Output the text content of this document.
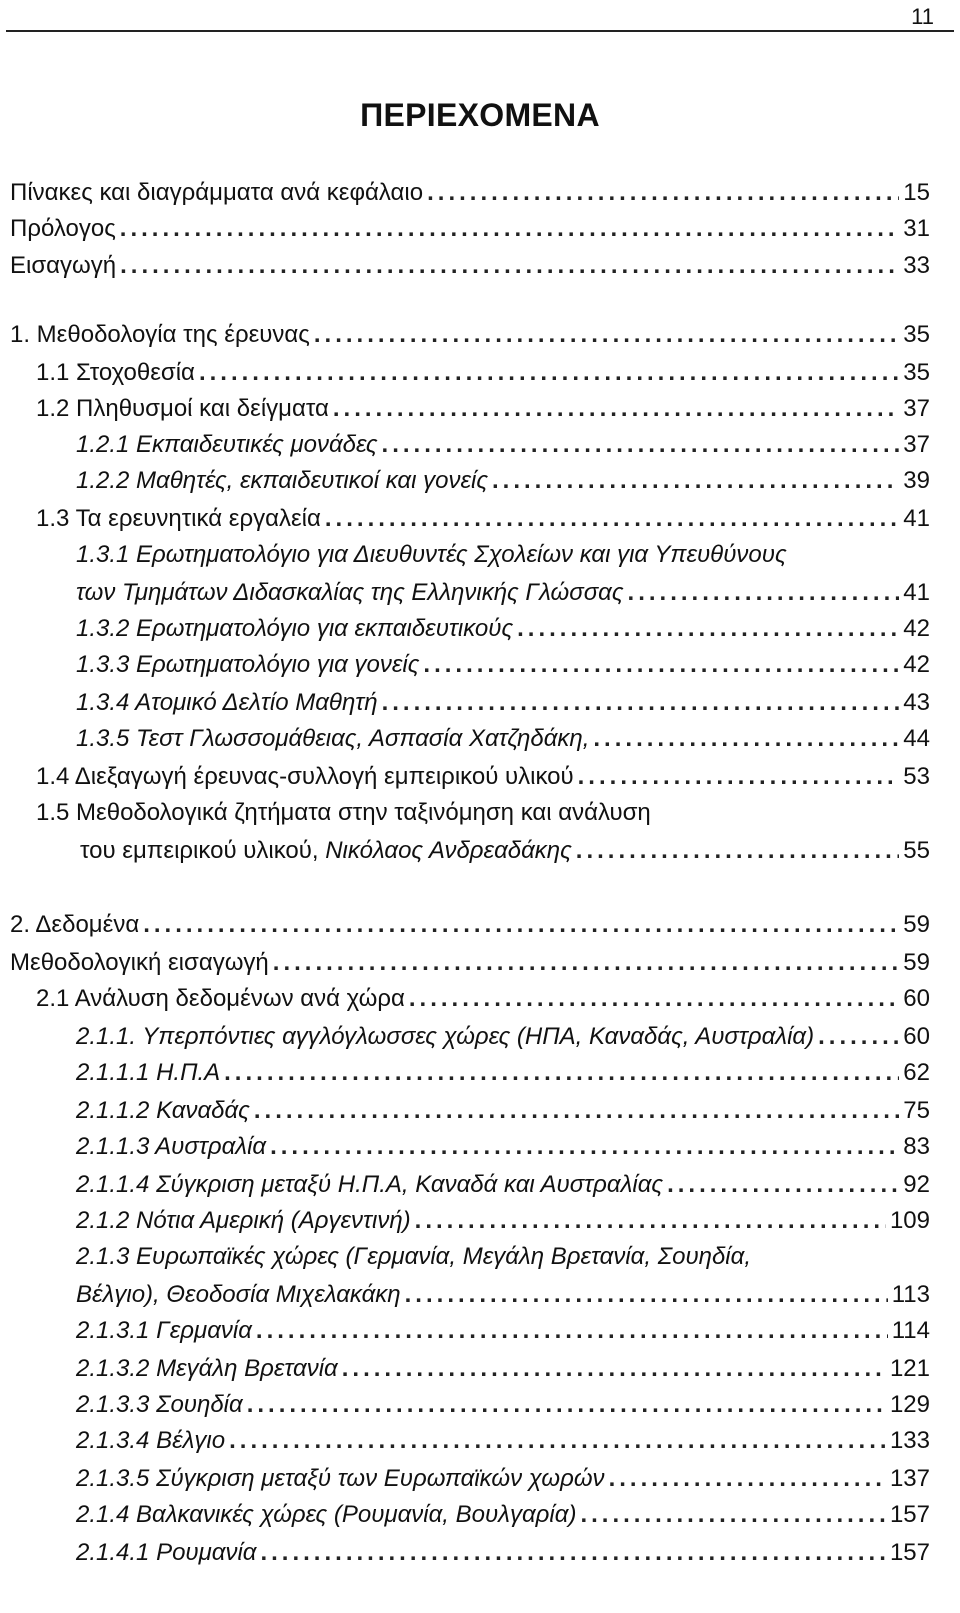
11
ΠΕΡΙΕΧΟΜΕΝΑ
Πίνακες και διαγράμματα ανά κεφάλαιο .....	15
Πρόλογος .....	31
Εισαγωγή .....	33
1. Μεθοδολογία της έρευνας .....	35
1.1 Στοχοθεσία .....	35
1.2 Πληθυσμοί και δείγματα .....	37
1.2.1 Εκπαιδευτικές μονάδες .....	37
1.2.2 Μαθητές, εκπαιδευτικοί και γονείς .....	39
1.3 Τα ερευνητικά εργαλεία .....	41
1.3.1 Ερωτηματολόγιο για Διευθυντές Σχολείων και για Υπευθύνους
των Τμημάτων Διδασκαλίας της Ελληνικής Γλώσσας .....	41
1.3.2 Ερωτηματολόγιο για εκπαιδευτικούς .....	42
1.3.3 Ερωτηματολόγιο για γονείς .....	42
1.3.4 Ατομικό Δελτίο Μαθητή .....	43
1.3.5 Τεστ Γλωσσομάθειας, Ασπασία Χατζηδάκη, .....	44
1.4 Διεξαγωγή έρευνας-συλλογή εμπειρικού υλικού .....	53
1.5 Μεθοδολογικά ζητήματα στην ταξινόμηση και ανάλυση
του εμπειρικού υλικού, Νικόλαος Ανδρεαδάκης .....	55
2. Δεδομένα .....	59
Μεθοδολογική εισαγωγή .....	59
2.1 Ανάλυση δεδομένων ανά χώρα .....	60
2.1.1. Υπερπόντιες αγγλόγλωσσες χώρες (ΗΠΑ, Καναδάς, Αυστραλία) .....	60
2.1.1.1 Η.Π.Α .....	62
2.1.1.2 Καναδάς .....	75
2.1.1.3 Αυστραλία .....	83
2.1.1.4 Σύγκριση μεταξύ Η.Π.Α, Καναδά και Αυστραλίας .....	92
2.1.2 Νότια Αμερική (Αργεντινή) .....	109
2.1.3 Ευρωπαϊκές χώρες (Γερμανία, Μεγάλη Βρετανία, Σουηδία,
Βέλγιο), Θεοδοσία Μιχελακάκη .....	113
2.1.3.1 Γερμανία .....	114
2.1.3.2 Μεγάλη Βρετανία .....	121
2.1.3.3 Σουηδία .....	129
2.1.3.4 Βέλγιο .....	133
2.1.3.5 Σύγκριση μεταξύ των Ευρωπαϊκών χωρών .....	137
2.1.4 Βαλκανικές χώρες (Ρουμανία, Βουλγαρία) .....	157
2.1.4.1 Ρουμανία .....	157
